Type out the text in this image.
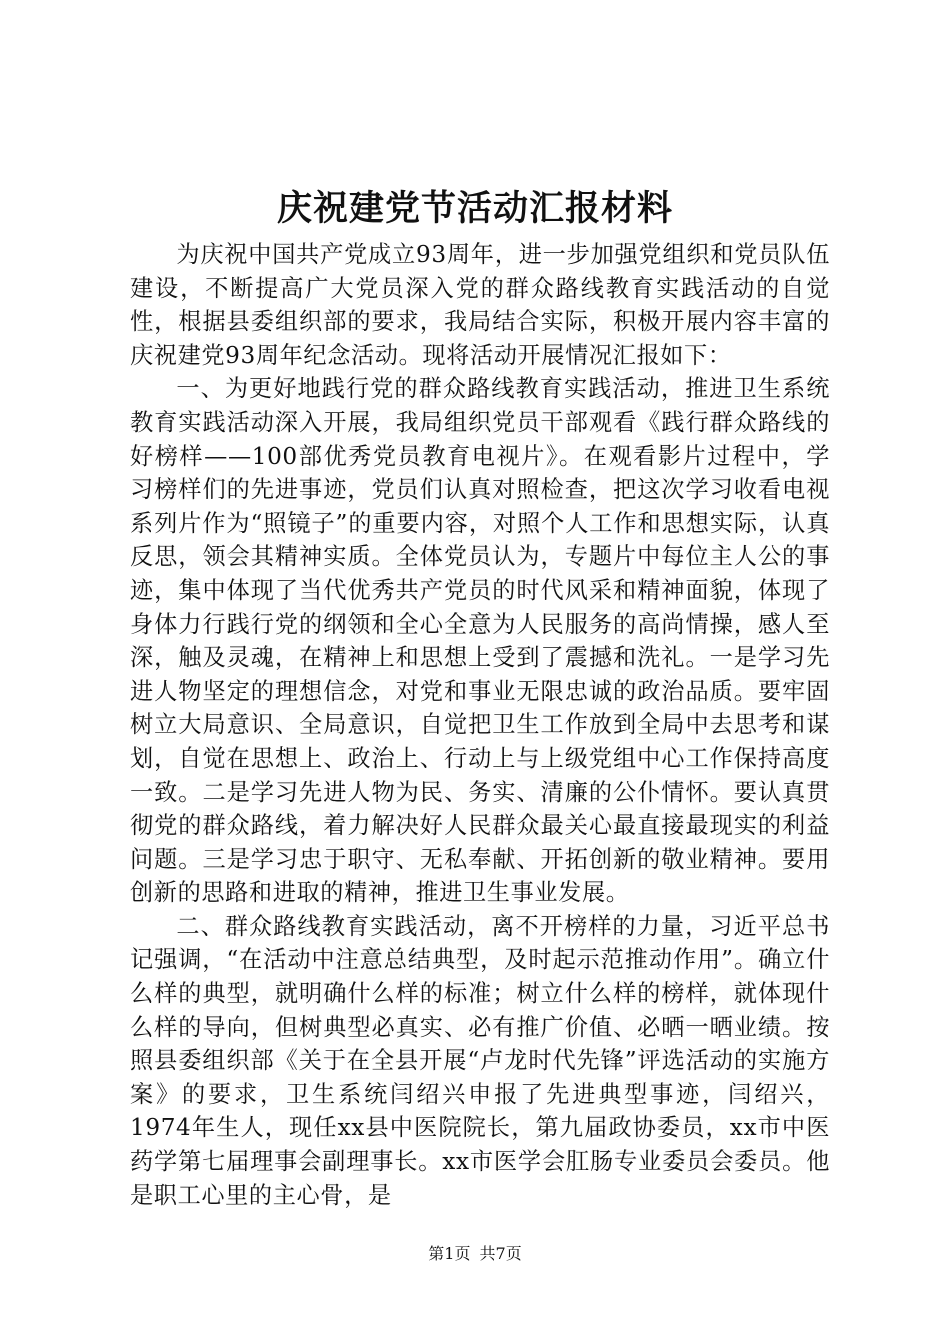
庆祝建党节活动汇报材料

为庆祝中国共产党成立93周年，进一步加强党组织和党员队伍建设，不断提高广大党员深入党的群众路线教育实践活动的自觉性，根据县委组织部的要求，我局结合实际，积极开展内容丰富的庆祝建党93周年纪念活动。现将活动开展情况汇报如下：

一、为更好地践行党的群众路线教育实践活动，推进卫生系统教育实践活动深入开展，我局组织党员干部观看《践行群众路线的好榜样——100部优秀党员教育电视片》。在观看影片过程中，学习榜样们的先进事迹，党员们认真对照检查，把这次学习收看电视系列片作为“照镜子”的重要内容，对照个人工作和思想实际，认真反思，领会其精神实质。全体党员认为，专题片中每位主人公的事迹，集中体现了当代优秀共产党员的时代风采和精神面貌，体现了身体力行践行党的纲领和全心全意为人民服务的高尚情操，感人至深，触及灵魂，在精神上和思想上受到了震撼和洗礼。一是学习先进人物坚定的理想信念，对党和事业无限忠诚的政治品质。要牢固树立大局意识、全局意识，自觉把卫生工作放到全局中去思考和谋划，自觉在思想上、政治上、行动上与上级党组中心工作保持高度一致。二是学习先进人物为民、务实、清廉的公仆情怀。要认真贯彻党的群众路线，着力解决好人民群众最关心最直接最现实的利益问题。三是学习忠于职守、无私奉献、开拓创新的敬业精神。要用创新的思路和进取的精神，推进卫生事业发展。

二、群众路线教育实践活动，离不开榜样的力量，习近平总书记强调，“在活动中注意总结典型，及时起示范推动作用”。确立什么样的典型，就明确什么样的标准；树立什么样的榜样，就体现什么样的导向，但树典型必真实、必有推广价值、必晒一晒业绩。按照县委组织部《关于在全县开展“卢龙时代先锋”评选活动的实施方案》的要求，卫生系统闫绍兴申报了先进典型事迹，闫绍兴，1974年生人，现任xx县中医院院长，第九届政协委员，xx市中医药学第七届理事会副理事长。xx市医学会肛肠专业委员会委员。他是职工心里的主心骨，是

第1页 共7页
